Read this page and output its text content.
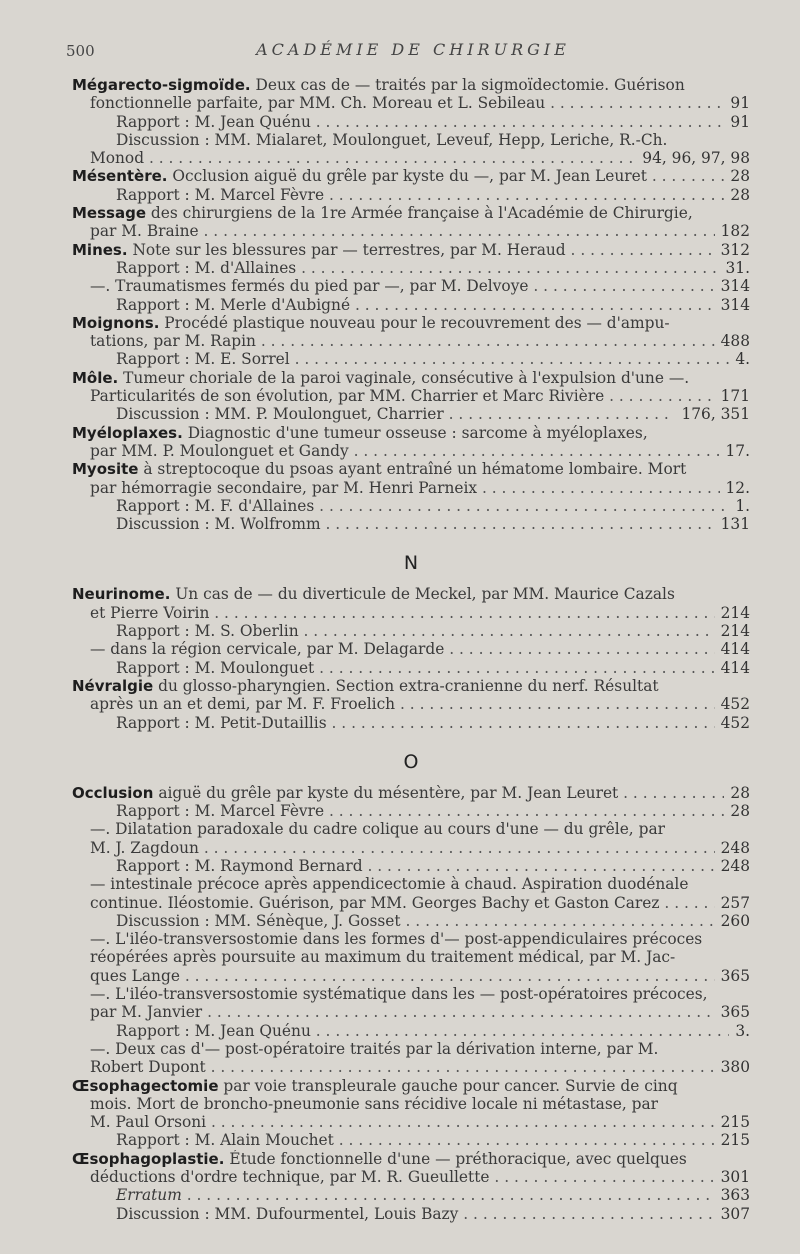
500	ACADÉMIE DE CHIRURGIE
Mégarecto-sigmoïde. Deux cas de — traités par la sigmoïdectomie. Guérison
fonctionnelle parfaite, par MM. Ch. Moreau et L. Sebileau . . .	91
Rapport : M. Jean Quénu . . .	91
Discussion : MM. Mialaret, Moulonguet, Leveuf, Hepp, Leriche, R.-Ch.
Monod . . .	94, 96, 97, 98
Mésentère. Occlusion aiguë du grêle par kyste du —, par M. Jean Leuret . . .	28
Rapport : M. Marcel Fèvre . . .	28
Message des chirurgiens de la 1re Armée française à l'Académie de Chirurgie,
par M. Braine . . .	182
Mines. Note sur les blessures par — terrestres, par M. Heraud . . .	312
Rapport : M. d'Allaines . . .	31.
—. Traumatismes fermés du pied par —, par M. Delvoye . . .	314
Rapport : M. Merle d'Aubigné . . .	314
Moignons. Procédé plastique nouveau pour le recouvrement des — d'ampu-
tations, par M. Rapin . . .	488
Rapport : M. E. Sorrel . . .	4.
Môle. Tumeur choriale de la paroi vaginale, consécutive à l'expulsion d'une —.
Particularités de son évolution, par MM. Charrier et Marc Rivière . . .	171
Discussion : MM. P. Moulonguet, Charrier . . .	176, 351
Myéloplaxes. Diagnostic d'une tumeur osseuse : sarcome à myéloplaxes,
par MM. P. Moulonguet et Gandy . . .	17.
Myosite à streptocoque du psoas ayant entraîné un hématome lombaire. Mort
par hémorragie secondaire, par M. Henri Parneix . . .	12.
Rapport : M. F. d'Allaines . . .	1.
Discussion : M. Wolfromm . . .	131
N
Neurinome. Un cas de — du diverticule de Meckel, par MM. Maurice Cazals
et Pierre Voirin . . .	214
Rapport : M. S. Oberlin . . .	214
— dans la région cervicale, par M. Delagarde . . .	414
Rapport : M. Moulonguet . . .	414
Névralgie du glosso-pharyngien. Section extra-cranienne du nerf. Résultat
après un an et demi, par M. F. Froelich . . .	452
Rapport : M. Petit-Dutaillis . . .	452
O
Occlusion aiguë du grêle par kyste du mésentère, par M. Jean Leuret . . .	28
Rapport : M. Marcel Fèvre . . .	28
—. Dilatation paradoxale du cadre colique au cours d'une — du grêle, par
M. J. Zagdoun . . .	248
Rapport : M. Raymond Bernard . . .	248
— intestinale précoce après appendicectomie à chaud. Aspiration duodénale
continue. Iléostomie. Guérison, par MM. Georges Bachy et Gaston Carez . . .	257
Discussion : MM. Sénèque, J. Gosset . . .	260
—. L'iléo-transversostomie dans les formes d'— post-appendiculaires précoces
réopérées après poursuite au maximum du traitement médical, par M. Jac-
ques Lange . . .	365
—. L'iléo-transversostomie systématique dans les — post-opératoires précoces,
par M. Janvier . . .	365
Rapport : M. Jean Quénu . . .	3.
—. Deux cas d'— post-opératoire traités par la dérivation interne, par M.
Robert Dupont . . .	380
Œsophagectomie par voie transpleurale gauche pour cancer. Survie de cinq
mois. Mort de broncho-pneumonie sans récidive locale ni métastase, par
M. Paul Orsoni . . .	215
Rapport : M. Alain Mouchet . . .	215
Œsophagoplastie. Étude fonctionnelle d'une — préthoracique, avec quelques
déductions d'ordre technique, par M. R. Gueullette . . .	301
Erratum . . .	363
Discussion : MM. Dufourmentel, Louis Bazy . . .	307
